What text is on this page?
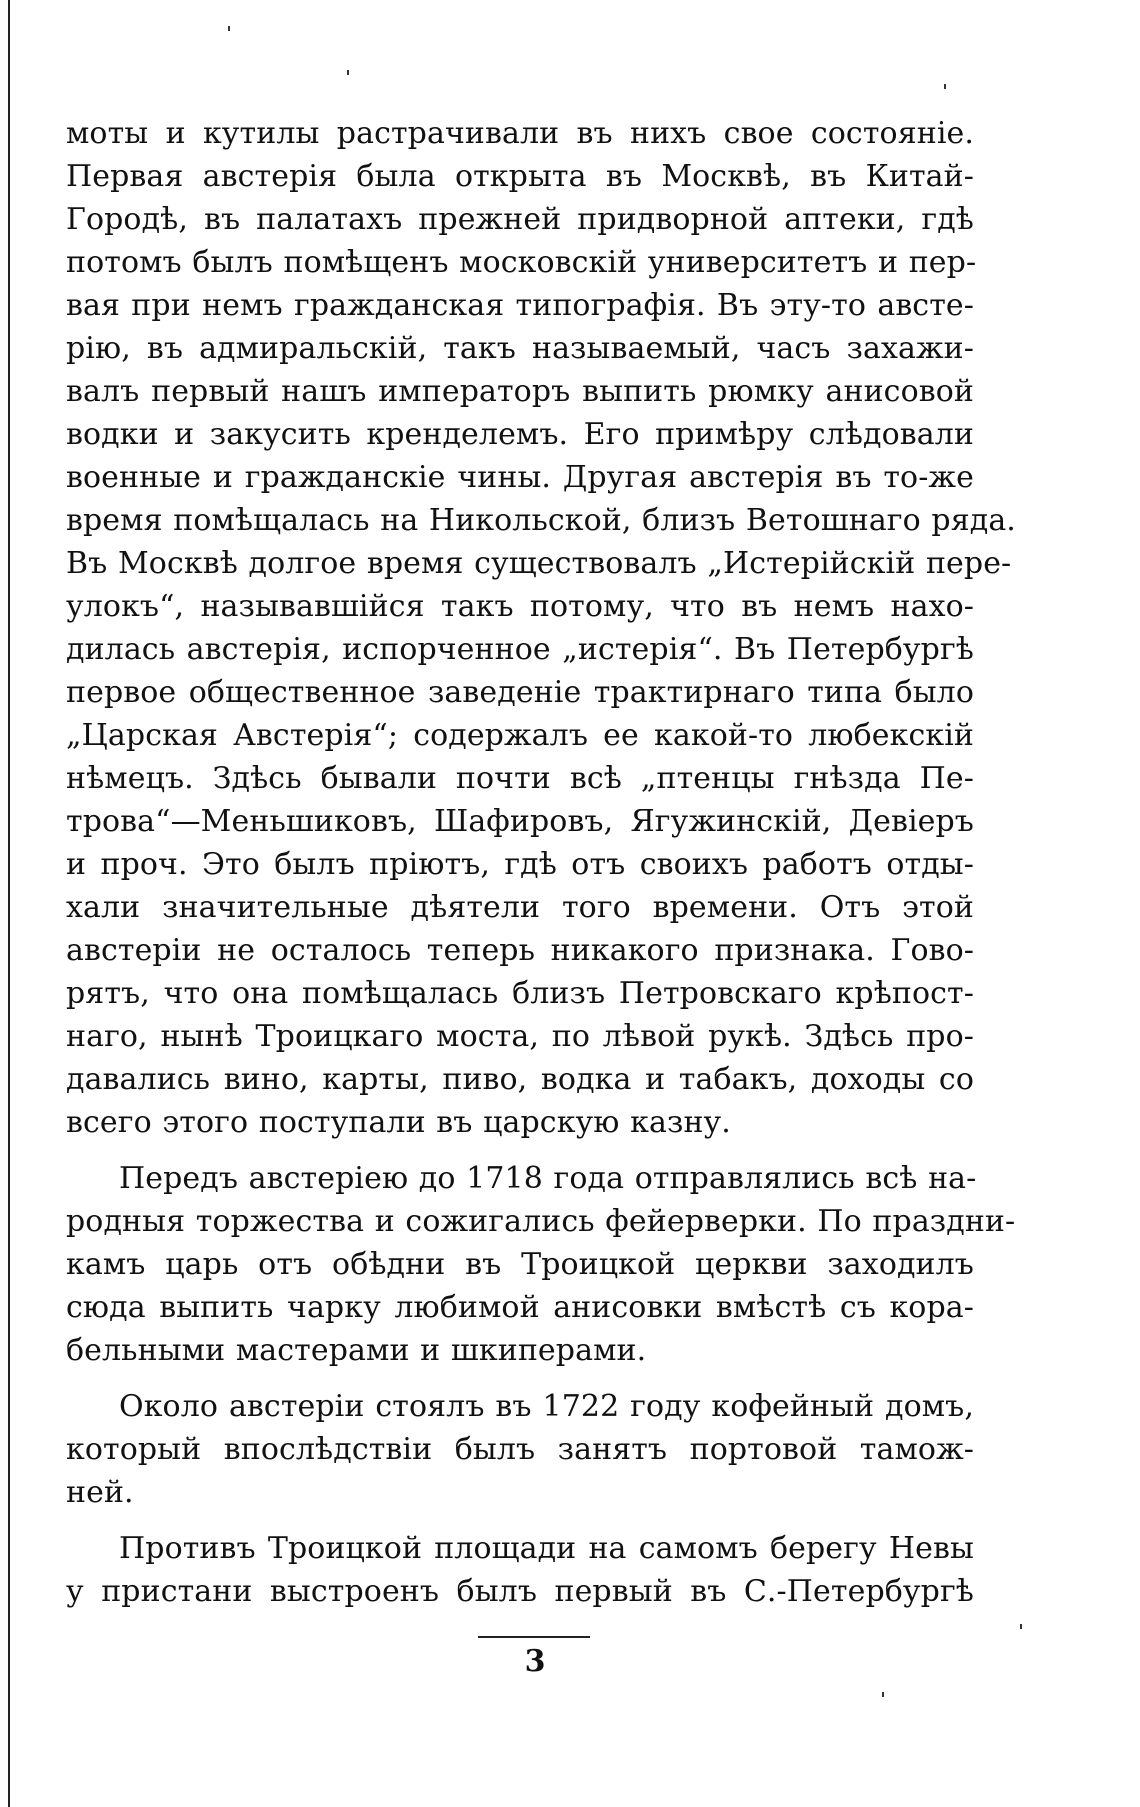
моты и кутилы растрачивали въ нихъ свое состоянiе.
Первая австерiя была открыта въ Москвѣ, въ Китай-
Городѣ, въ палатахъ прежней придворной аптеки, гдѣ
потомъ былъ помѣщенъ московскiй университетъ и пер-
вая при немъ гражданская типографiя. Въ эту-то австе-
рiю, въ адмиральскiй, такъ называемый, часъ захажи-
валъ первый нашъ императоръ выпить рюмку анисовой
водки и закусить кренделемъ. Его примѣру слѣдовали
военные и гражданскiе чины. Другая австерiя въ то-же
время помѣщалась на Никольской, близъ Ветошнаго ряда.
Въ Москвѣ долгое время существовалъ „Истерiйскiй пере-
улокъ“, называвшiйся такъ потому, что въ немъ нахо-
дилась австерiя, испорченное „истерiя“. Въ Петербургѣ
первое общественное заведенiе трактирнаго типа было
„Царская Австерiя“; содержалъ ее какой-то любекскiй
нѣмецъ. Здѣсь бывали почти всѣ „птенцы гнѣзда Пе-
трова“—Меньшиковъ, Шафировъ, Ягужинскiй, Девiеръ
и проч. Это былъ прiютъ, гдѣ отъ своихъ работъ отды-
хали значительные дѣятели того времени. Отъ этой
австерiи не осталось теперь никакого признака. Гово-
рятъ, что она помѣщалась близъ Петровскаго крѣпост-
наго, нынѣ Троицкаго моста, по лѣвой рукѣ. Здѣсь про-
давались вино, карты, пиво, водка и табакъ, доходы со
всего этого поступали въ царскую казну.
Передъ австерiею до 1718 года отправлялись всѣ на-
родныя торжества и сожигались фейерверки. По праздни-
камъ царь отъ обѣдни въ Троицкой церкви заходилъ
сюда выпить чарку любимой анисовки вмѣстѣ съ кора-
бельными мастерами и шкиперами.
Около австерiи стоялъ въ 1722 году кофейный домъ,
который впослѣдствiи былъ занятъ портовой тамож-
ней.
Противъ Троицкой площади на самомъ берегу Невы
у пристани выстроенъ былъ первый въ С.-Петербургѣ
3
